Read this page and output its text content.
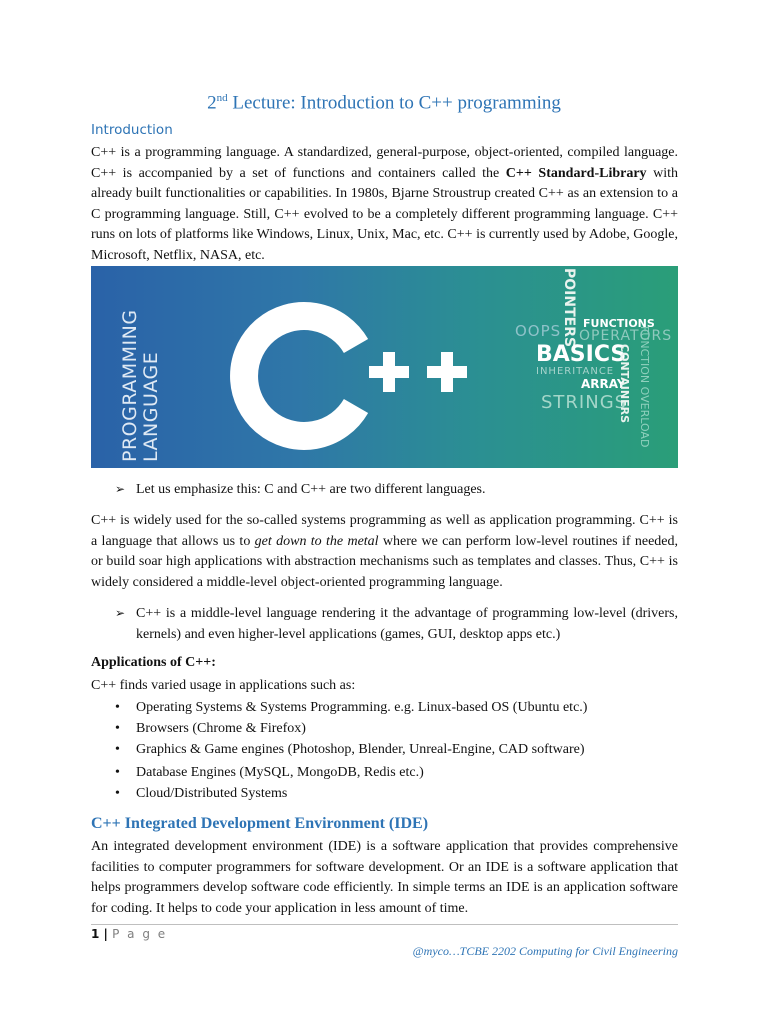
2nd Lecture: Introduction to C++ programming
Introduction
C++ is a programming language. A standardized, general-purpose, object-oriented, compiled language. C++ is accompanied by a set of functions and containers called the C++ Standard-Library with already built functionalities or capabilities. In 1980s, Bjarne Stroustrup created C++ as an extension to a C programming language. Still, C++ evolved to be a completely different programming language. C++ runs on lots of platforms like Windows, Linux, Unix, Mac, etc. C++ is currently used by Adobe, Google, Microsoft, Netflix, NASA, etc.
PROGRAMMING LANGUAGE
POINTERS
OOPS FUNCTIONS
OPERATORS
BASICS
INHERITANCE
ARRAY
STRINGS
CONTAINERS FUNCTION OVERLOAD
➢ Let us emphasize this: C and C++ are two different languages.
C++ is widely used for the so-called systems programming as well as application programming. C++ is a language that allows us to get down to the metal where we can perform low-level routines if needed, or build soar high applications with abstraction mechanisms such as templates and classes. Thus, C++ is widely considered a middle-level object-oriented programming language.
➢ C++ is a middle-level language rendering it the advantage of programming low-level (drivers, kernels) and even higher-level applications (games, GUI, desktop apps etc.)
Applications of C++:
C++ finds varied usage in applications such as:
• Operating Systems & Systems Programming. e.g. Linux-based OS (Ubuntu etc.)
• Browsers (Chrome & Firefox)
• Graphics & Game engines (Photoshop, Blender, Unreal-Engine, CAD software)
• Database Engines (MySQL, MongoDB, Redis etc.)
• Cloud/Distributed Systems
C++ Integrated Development Environment (IDE)
An integrated development environment (IDE) is a software application that provides comprehensive facilities to computer programmers for software development. Or an IDE is a software application that helps programmers develop software code efficiently. In simple terms an IDE is an application software for coding. It helps to code your application in less amount of time.
1 | P a g e
@myco…TCBE 2202 Computing for Civil Engineering
